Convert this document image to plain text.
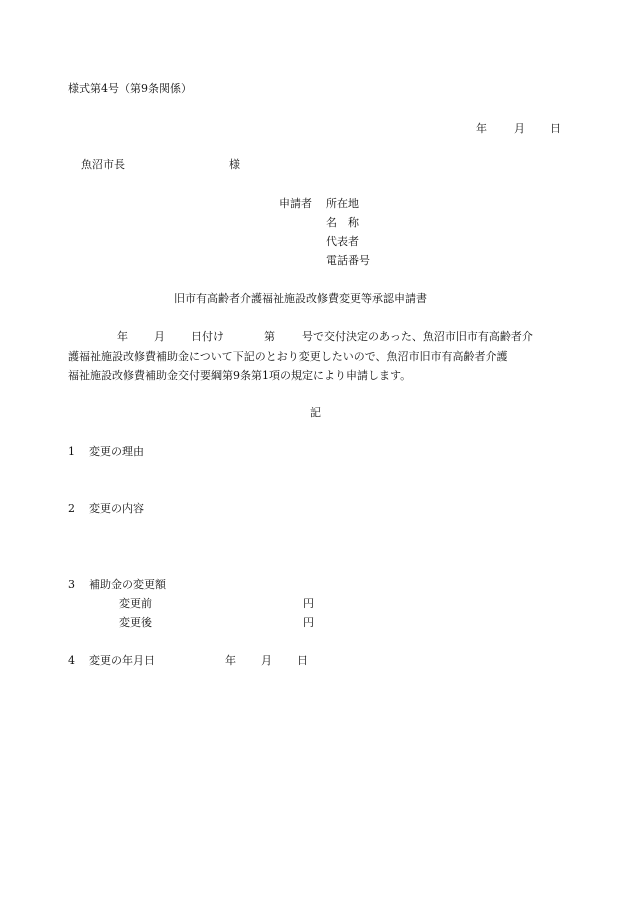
様式第4号（第9条関係）
年 月 日
魚沼市長	様
申請者 所在地
名　称
代表者
電話番号
旧市有高齢者介護福祉施設改修費変更等承認申請書
年 月 日付け	第 号で交付決定のあった、魚沼市旧市有高齢者介
護福祉施設改修費補助金について下記のとおり変更したいので、魚沼市旧市有高齢者介護
福祉施設改修費補助金交付要綱第9条第1項の規定により申請します。
記
1 変更の理由
2 変更の内容
3 補助金の変更額
変更前	円
変更後	円
4 変更の年月日	年 月 日
